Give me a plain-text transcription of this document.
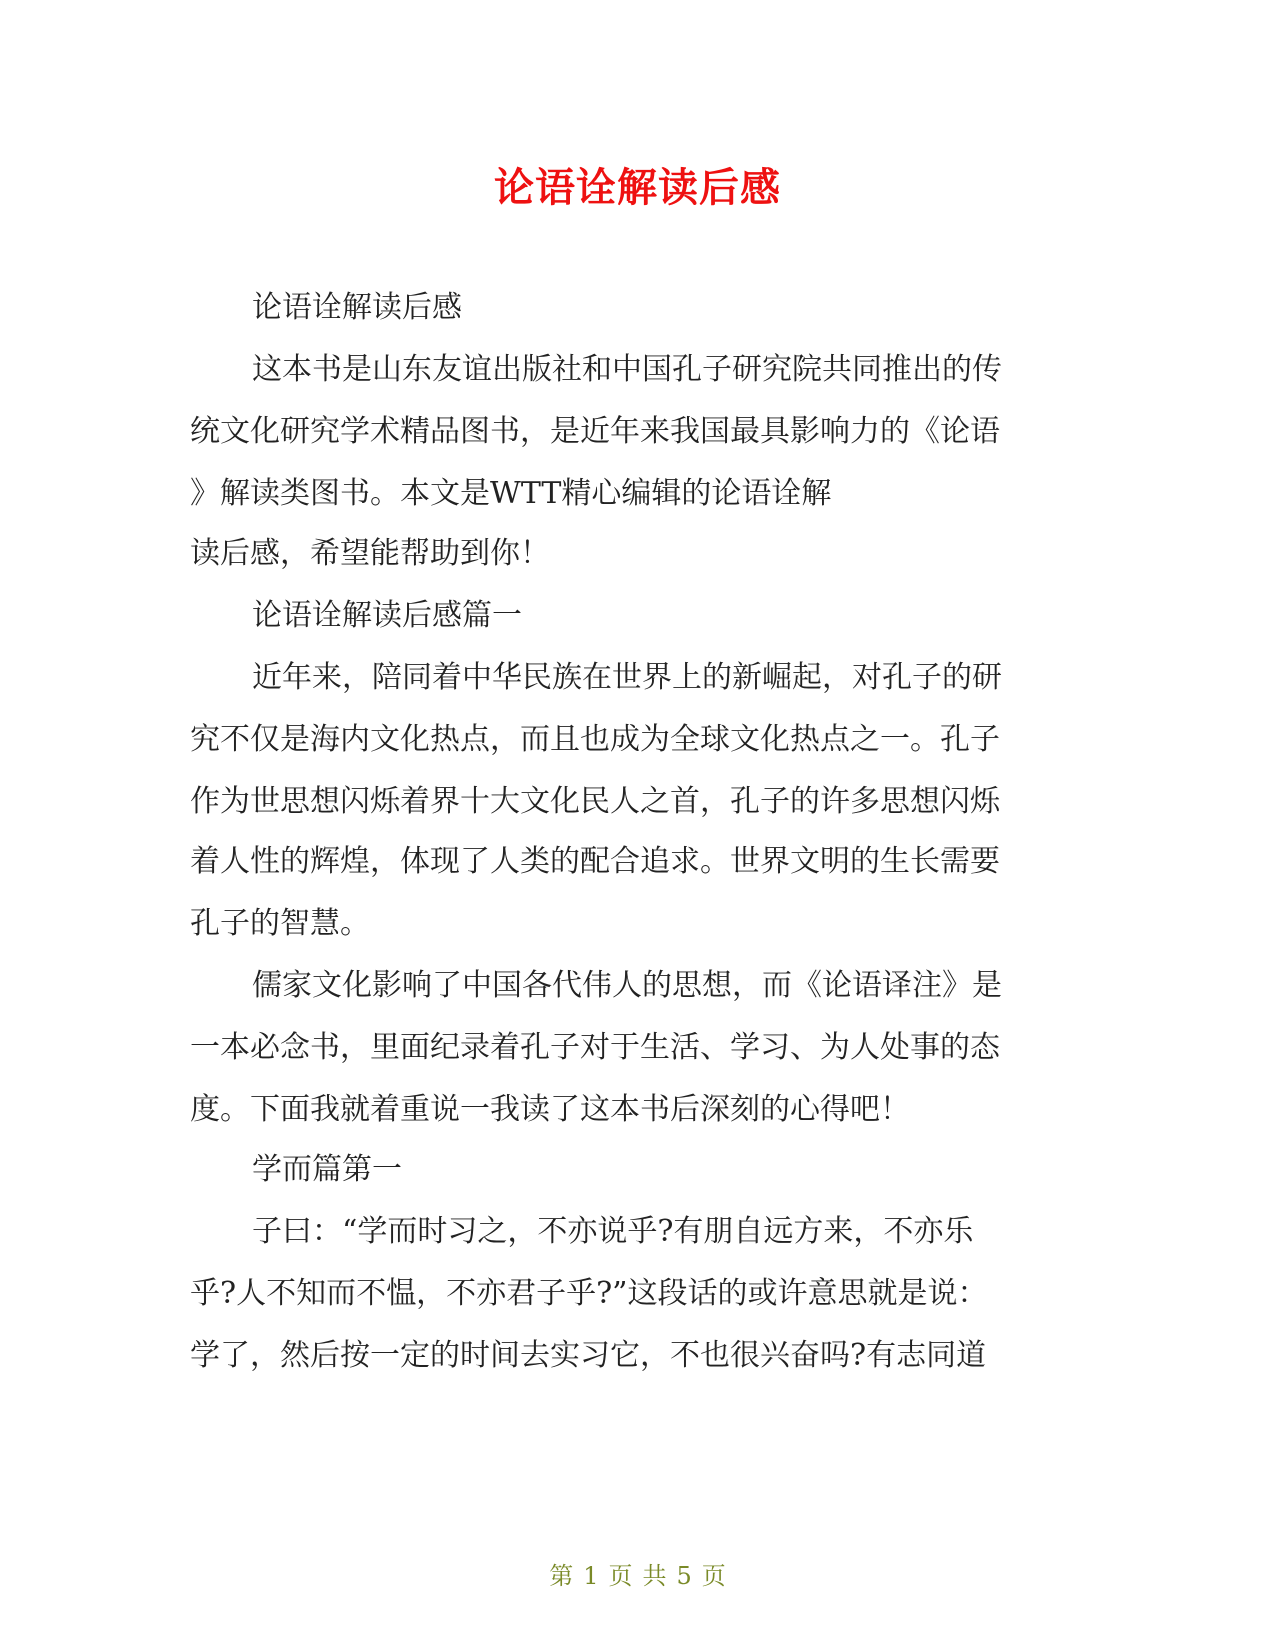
论语诠解读后感
论语诠解读后感
这本书是山东友谊出版社和中国孔子研究院共同推出的传
统文化研究学术精品图书，是近年来我国最具影响力的《论语
》解读类图书。本文是WTT精心编辑的论语诠解
读后感，希望能帮助到你！
论语诠解读后感篇一
近年来，陪同着中华民族在世界上的新崛起，对孔子的研
究不仅是海内文化热点，而且也成为全球文化热点之一。孔子
作为世思想闪烁着界十大文化民人之首，孔子的许多思想闪烁
着人性的辉煌，体现了人类的配合追求。世界文明的生长需要
孔子的智慧。
儒家文化影响了中国各代伟人的思想，而《论语译注》是
一本必念书，里面纪录着孔子对于生活、学习、为人处事的态
度。下面我就着重说一我读了这本书后深刻的心得吧！
学而篇第一
子曰：“学而时习之，不亦说乎?有朋自远方来，不亦乐
乎?人不知而不愠，不亦君子乎?”这段话的或许意思就是说：
学了，然后按一定的时间去实习它，不也很兴奋吗?有志同道
第 1 页 共 5 页
